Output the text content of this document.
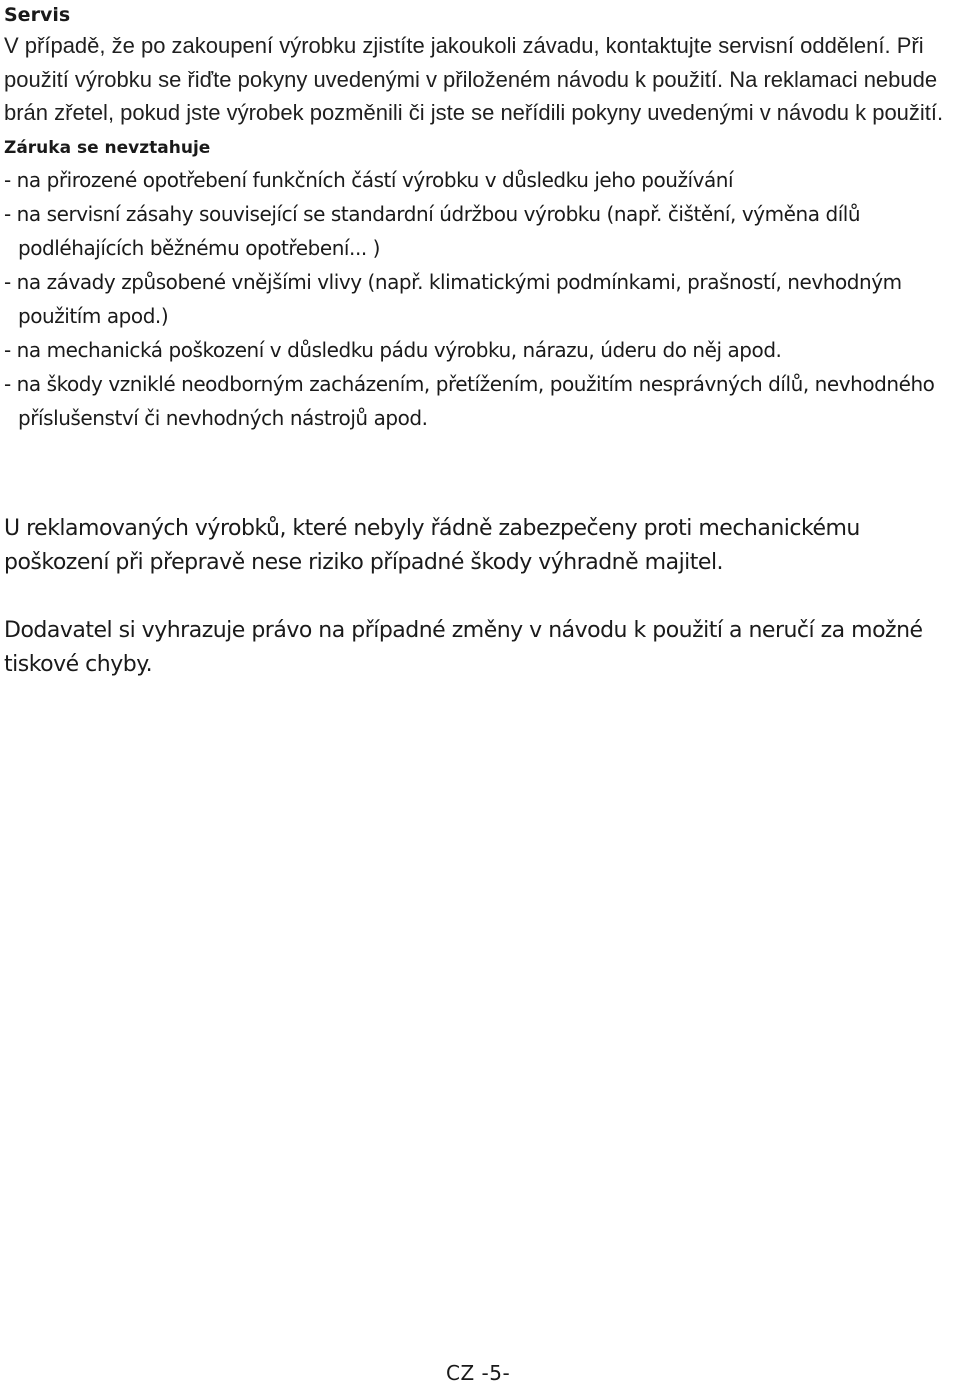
Servis

V případě, že po zakoupení výrobku zjistíte jakoukoli závadu, kontaktujte servisní oddělení. Při použití výrobku se řiďte pokyny uvedenými v přiloženém návodu k použití. Na reklamaci nebude brán zřetel, pokud jste výrobek pozměnili či jste se neřídili pokyny uvedenými v návodu k použití.

Záruka se nevztahuje
- na přirozené opotřebení funkčních částí výrobku v důsledku jeho používání
- na servisní zásahy související se standardní údržbou výrobku (např. čištění, výměna dílů podléhajících běžnému opotřebení... )
- na závady způsobené vnějšími vlivy (např. klimatickými podmínkami, prašností, nevhodným použitím apod.)
- na mechanická poškození v důsledku pádu výrobku, nárazu, úderu do něj apod.
- na škody vzniklé neodborným zacházením, přetížením, použitím nesprávných dílů, nevhodného příslušenství či nevhodných nástrojů apod.

U reklamovaných výrobků, které nebyly řádně zabezpečeny proti mechanickému poškození při přepravě nese riziko případné škody výhradně majitel.

Dodavatel si vyhrazuje právo na případné změny v návodu k použití a neručí za možné tiskové chyby.

CZ -5-
